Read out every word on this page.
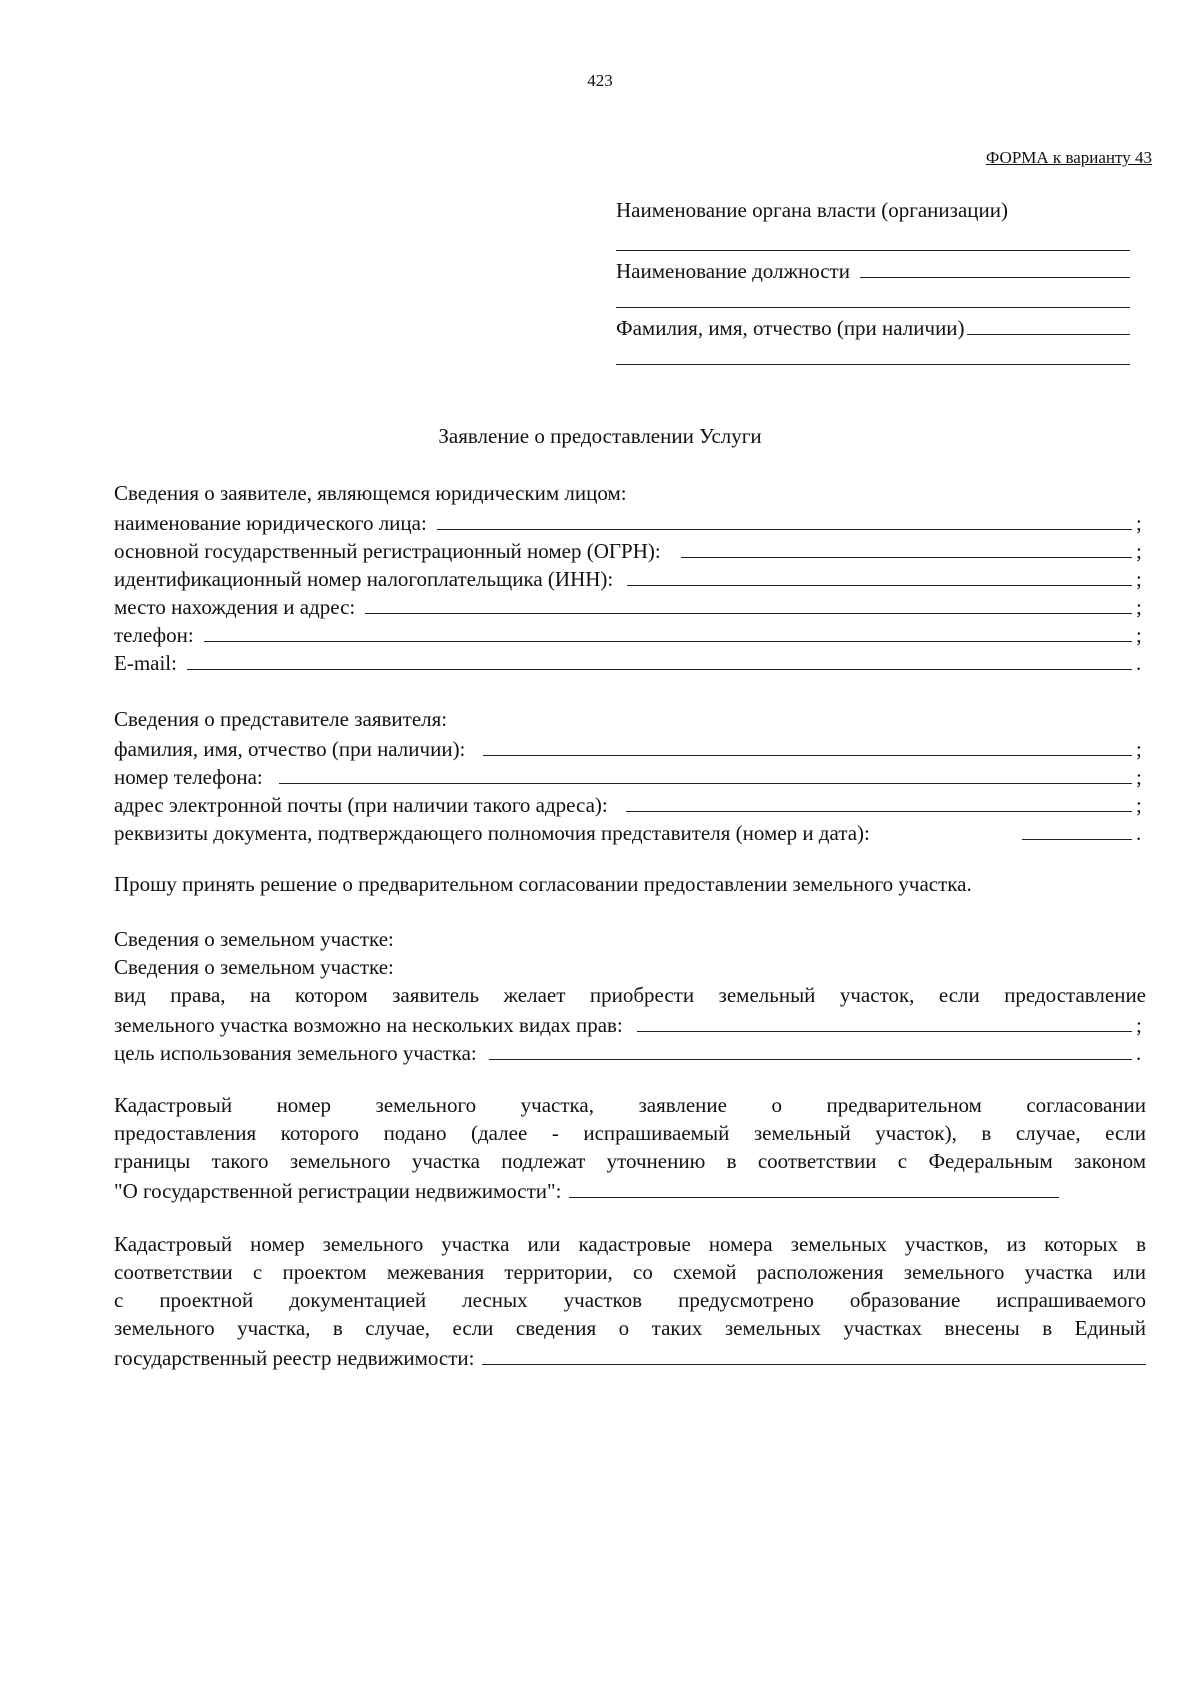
423
ФОРМА к варианту 43
Наименование органа власти (организации)
Наименование должности
Фамилия, имя, отчество (при наличии)
Заявление о предоставлении Услуги
Сведения о заявителе, являющемся юридическим лицом:
наименование юридического лица:	;
основной государственный регистрационный номер (ОГРН):	;
идентификационный номер налогоплательщика (ИНН):	;
место нахождения и адрес:	;
телефон:	;
E-mail:	.
Сведения о представителе заявителя:
фамилия, имя, отчество (при наличии):	;
номер телефона:	;
адрес электронной почты (при наличии такого адреса):	;
реквизиты документа, подтверждающего полномочия представителя (номер и дата):	.
Прошу принять решение о предварительном согласовании предоставлении земельного участка.
Сведения о земельном участке:
Сведения о земельном участке:
вид права, на котором заявитель желает приобрести земельный участок, если предоставление
земельного участка возможно на нескольких видах прав:	;
цель использования земельного участка:	.
Кадастровый номер земельного участка, заявление о предварительном согласовании
предоставления которого подано (далее - испрашиваемый земельный участок), в случае, если
границы такого земельного участка подлежат уточнению в соответствии с Федеральным законом
"О государственной регистрации недвижимости":
Кадастровый номер земельного участка или кадастровые номера земельных участков, из которых в
соответствии с проектом межевания территории, со схемой расположения земельного участка или
с проектной документацией лесных участков предусмотрено образование испрашиваемого
земельного участка, в случае, если сведения о таких земельных участках внесены в Единый
государственный реестр недвижимости:
